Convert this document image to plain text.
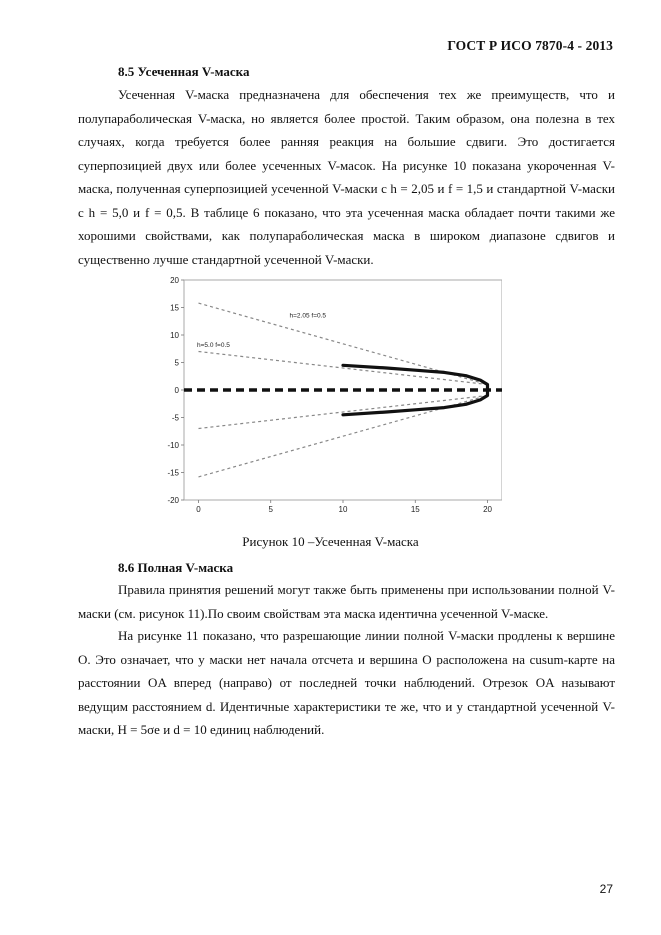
ГОСТ Р ИСО 7870-4 - 2013
8.5 Усеченная V-маска

Усеченная V-маска предназначена для обеспечения тех же преимуществ, что и полупараболическая V-маска, но является более простой. Таким образом, она полезна в тех случаях, когда требуется более ранняя реакция на большие сдвиги. Это достигается суперпозицией двух или более усеченных V-масок. На рисунке 10 показана укороченная V-маска, полученная суперпозицией усеченной V-маски с h = 2,05 и f = 1,5 и стандартной V-маски с h = 5,0 и f = 0,5. В таблице 6 показано, что эта усеченная маска обладает почти такими же хорошими свойствами, как полупараболическая маска в широком диапазоне сдвигов и существенно лучше стандартной усеченной V-маски.

20
15
10
5
0
-5
-10
-15
-20
0	5	10	15	20
h=2.05 f=0.5
h=5.0 f=0.5
Рисунок 10 –Усеченная V-маска
8.6 Полная V-маска

Правила принятия решений могут также быть применены при использовании полной V-маски (см. рисунок 11).По своим свойствам эта маска идентична усеченной V-маске.

На рисунке 11 показано, что разрешающие линии полной V-маски продлены к вершине O. Это означает, что у маски нет начала отсчета и вершина O расположена на cusum-карте на расстоянии OA вперед (направо) от последней точки наблюдений. Отрезок OA называют ведущим расстоянием d. Идентичные характеристики те же, что и у стандартной усеченной V-маски, H = 5σe и d = 10 единиц наблюдений.

27
